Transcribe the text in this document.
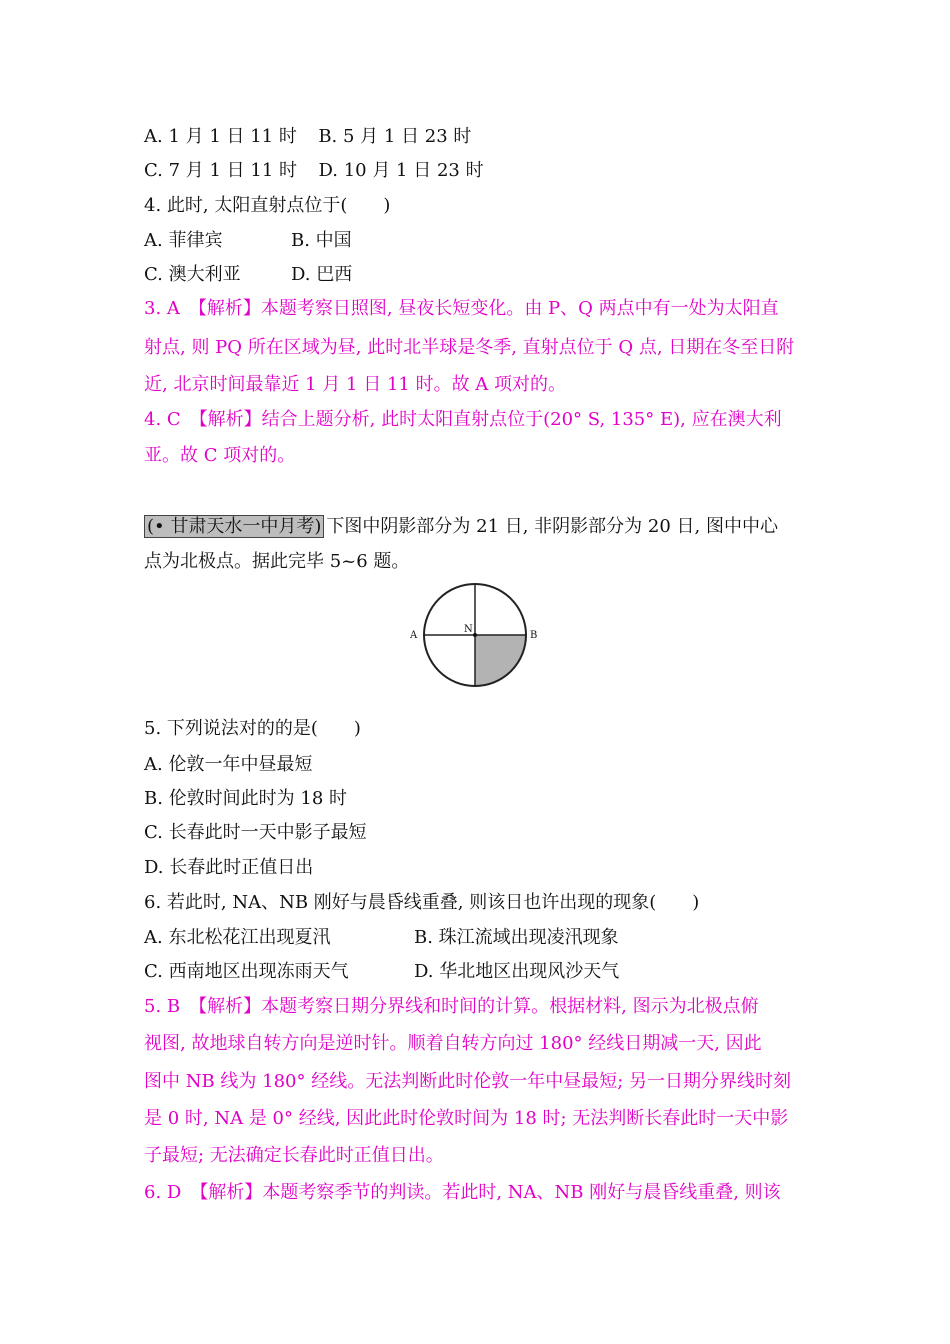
A. 1 月 1 日 11 时 B. 5 月 1 日 23 时
C. 7 月 1 日 11 时 D. 10 月 1 日 23 时
4. 此时, 太阳直射点位于(　　)
A. 菲律宾	B. 中国
C. 澳大利亚	D. 巴西
3. A　【解析】本题考察日照图, 昼夜长短变化。由 P、Q 两点中有一处为太阳直
射点, 则 PQ 所在区域为昼, 此时北半球是冬季, 直射点位于 Q 点, 日期在冬至日附
近, 北京时间最靠近 1 月 1 日 11 时。故 A 项对的。
4. C　【解析】结合上题分析, 此时太阳直射点位于(20° S, 135° E), 应在澳大利
亚。故 C 项对的。
(• 甘肃天水一中月考) 下图中阴影部分为 21 日, 非阴影部分为 20 日, 图中中心
点为北极点。据此完毕 5~6 题。
A
N
B
5. 下列说法对的的是(　　)
A. 伦敦一年中昼最短
B. 伦敦时间此时为 18 时
C. 长春此时一天中影子最短
D. 长春此时正值日出
6. 若此时, NA、NB 刚好与晨昏线重叠, 则该日也许出现的现象(　　)
A. 东北松花江出现夏汛	B. 珠江流域出现凌汛现象
C. 西南地区出现冻雨天气	D. 华北地区出现风沙天气
5. B　【解析】本题考察日期分界线和时间的计算。根据材料, 图示为北极点俯
视图, 故地球自转方向是逆时针。顺着自转方向过 180° 经线日期减一天, 因此
图中 NB 线为 180° 经线。无法判断此时伦敦一年中昼最短; 另一日期分界线时刻
是 0 时, NA 是 0° 经线, 因此此时伦敦时间为 18 时; 无法判断长春此时一天中影
子最短; 无法确定长春此时正值日出。
6. D　【解析】本题考察季节的判读。若此时, NA、NB 刚好与晨昏线重叠, 则该
